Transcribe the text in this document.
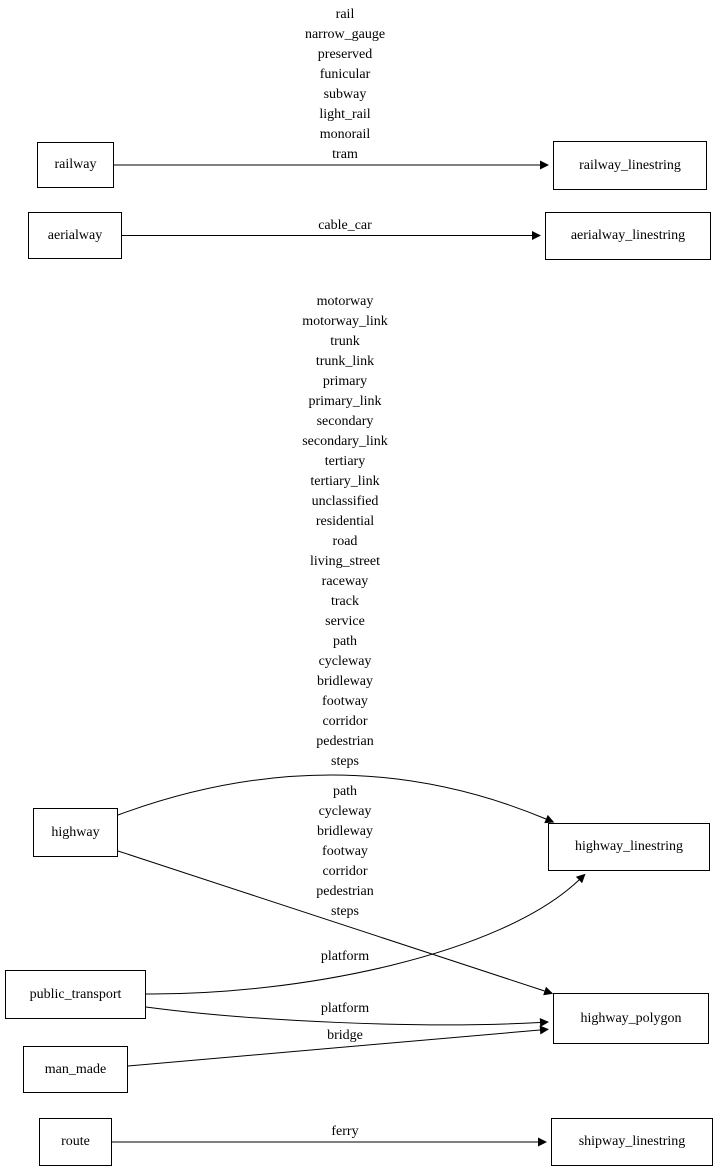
railway
aerialway
highway
public_transport
man_made
route
railway_linestring
aerialway_linestring
highway_linestring
highway_polygon
shipway_linestring
rail
narrow_gauge
preserved
funicular
subway
light_rail
monorail
tram
cable_car
motorway
motorway_link
trunk
trunk_link
primary
primary_link
secondary
secondary_link
tertiary
tertiary_link
unclassified
residential
road
living_street
raceway
track
service
path
cycleway
bridleway
footway
corridor
pedestrian
steps
path
cycleway
bridleway
footway
corridor
pedestrian
steps
platform
platform
bridge
ferry
